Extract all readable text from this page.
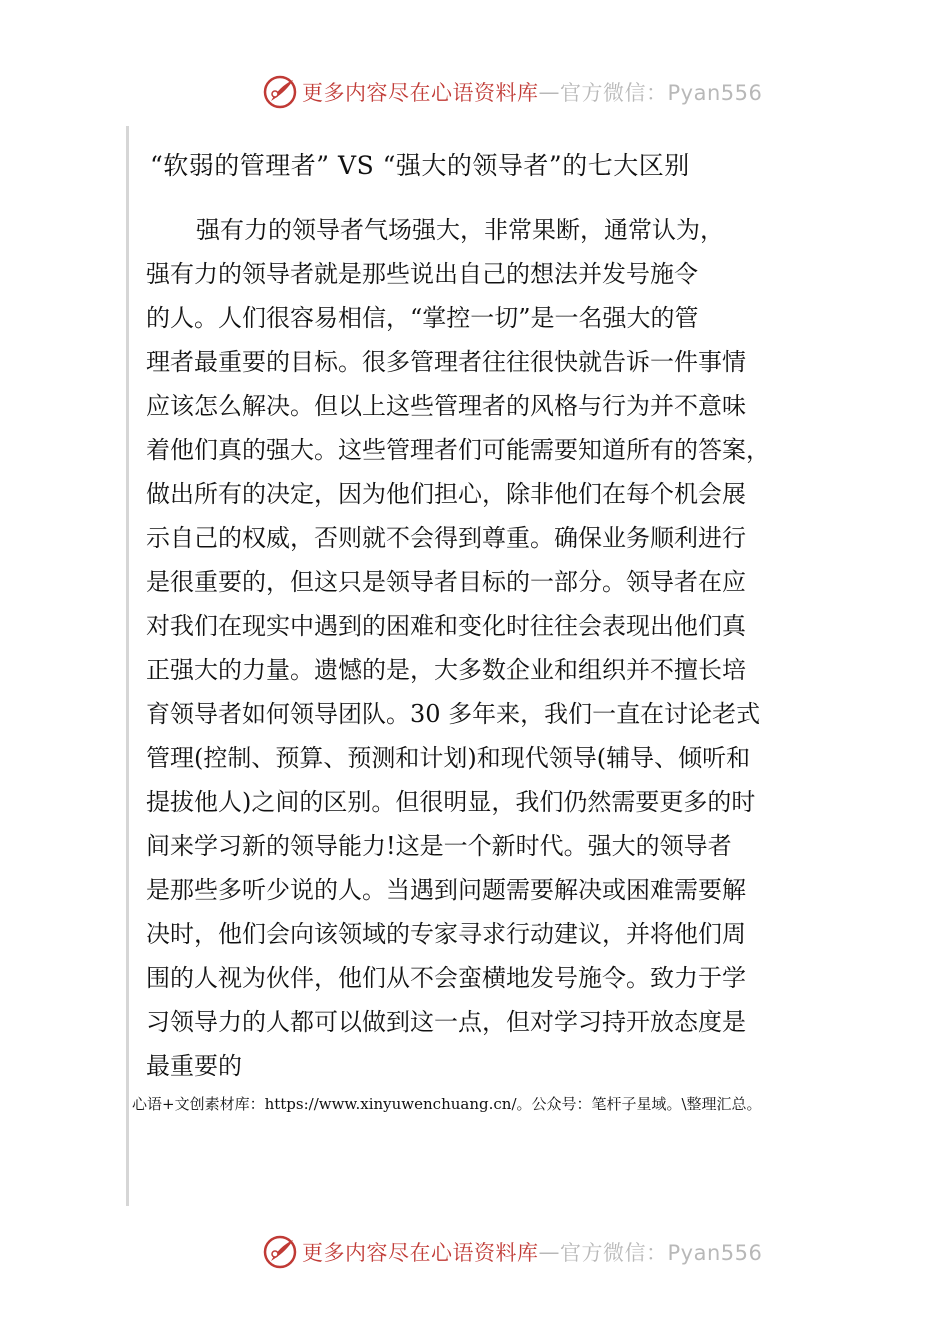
更多内容尽在心语资料库 — 官方微信：Pyan556
“软弱的管理者” VS “强大的领导者”的七大区别
强有力的领导者气场强大，非常果断，通常认为，
强有力的领导者就是那些说出自己的想法并发号施令
的人。人们很容易相信，“掌控一切”是一名强大的管
理者最重要的目标。很多管理者往往很快就告诉一件事情
应该怎么解决。但以上这些管理者的风格与行为并不意味
着他们真的强大。这些管理者们可能需要知道所有的答案，
做出所有的决定，因为他们担心，除非他们在每个机会展
示自己的权威，否则就不会得到尊重。确保业务顺利进行
是很重要的，但这只是领导者目标的一部分。领导者在应
对我们在现实中遇到的困难和变化时往往会表现出他们真
正强大的力量。遗憾的是，大多数企业和组织并不擅长培
育领导者如何领导团队。30 多年来，我们一直在讨论老式
管理(控制、预算、预测和计划)和现代领导(辅导、倾听和
提拔他人)之间的区别。但很明显，我们仍然需要更多的时
间来学习新的领导能力!这是一个新时代。强大的领导者
是那些多听少说的人。当遇到问题需要解决或困难需要解
决时，他们会向该领域的专家寻求行动建议，并将他们周
围的人视为伙伴，他们从不会蛮横地发号施令。致力于学
习领导力的人都可以做到这一点，但对学习持开放态度是
最重要的
心语+文创素材库：https://www.xinyuwenchuang.cn/。公众号：笔杆子星域。\整理汇总。
更多内容尽在心语资料库 — 官方微信：Pyan556
